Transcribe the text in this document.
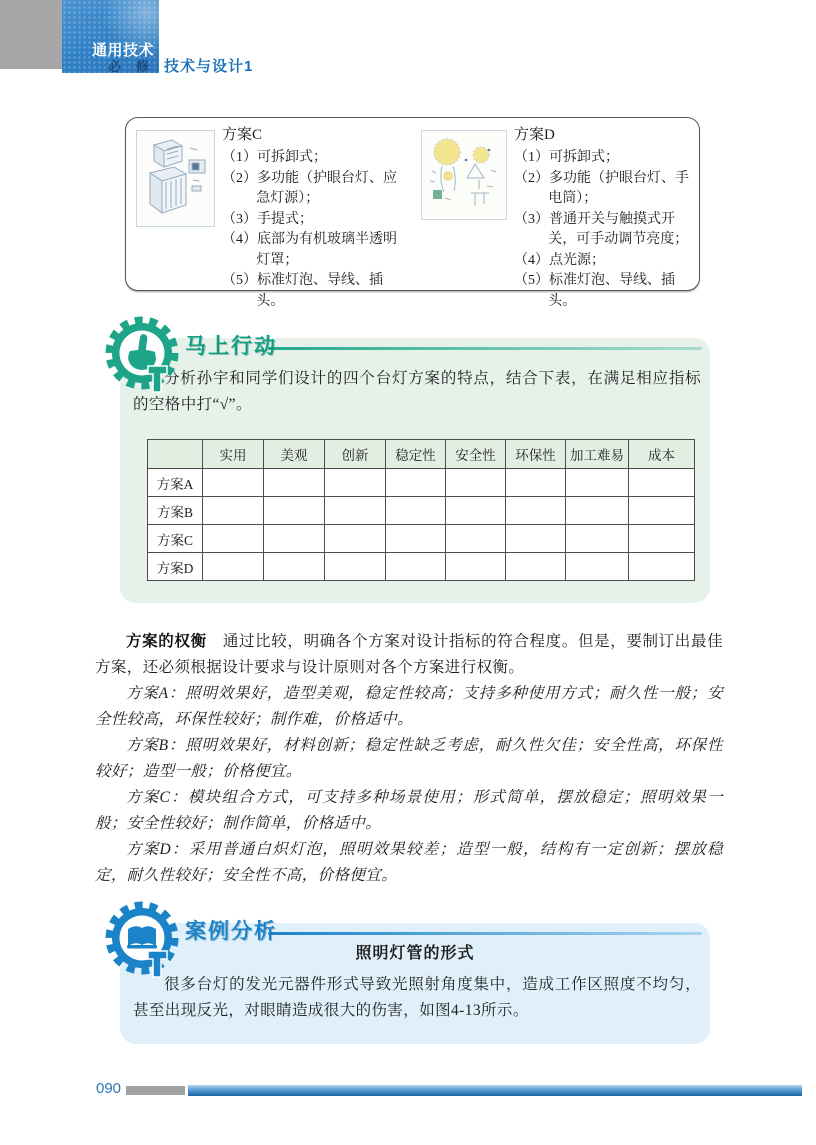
通用技术
必　修 技术与设计1
方案C

（1）可拆卸式；

（2）多功能（护眼台灯、应急灯源）；

（3）手提式；

（4）底部为有机玻璃半透明灯罩；

（5）标准灯泡、导线、插头。

方案D

（1）可拆卸式；

（2）多功能（护眼台灯、手电筒）；

（3）普通开关与触摸式开关，可手动调节亮度；

（4）点光源；

（5）标准灯泡、导线、插头。

马上行动

分析孙宇和同学们设计的四个台灯方案的特点，结合下表，在满足相应指标的空格中打“√”。

	实用	美观	创新	稳定性	安全性	环保性	加工难易	成本
方案A								
方案B								
方案C								
方案D								

方案的权衡　通过比较，明确各个方案对设计指标的符合程度。但是，要制订出最佳方案，还必须根据设计要求与设计原则对各个方案进行权衡。

方案A：照明效果好，造型美观，稳定性较高；支持多种使用方式；耐久性一般；安全性较高，环保性较好；制作难，价格适中。

方案B：照明效果好，材料创新；稳定性缺乏考虑，耐久性欠佳；安全性高，环保性较好；造型一般；价格便宜。

方案C：模块组合方式，可支持多种场景使用；形式简单，摆放稳定；照明效果一般；安全性较好；制作简单，价格适中。

方案D：采用普通白炽灯泡，照明效果较差；造型一般，结构有一定创新；摆放稳定，耐久性较好；安全性不高，价格便宜。

案例分析
照明灯管的形式

很多台灯的发光元器件形式导致光照射角度集中，造成工作区照度不均匀，甚至出现反光，对眼睛造成很大的伤害，如图4-13所示。

090
